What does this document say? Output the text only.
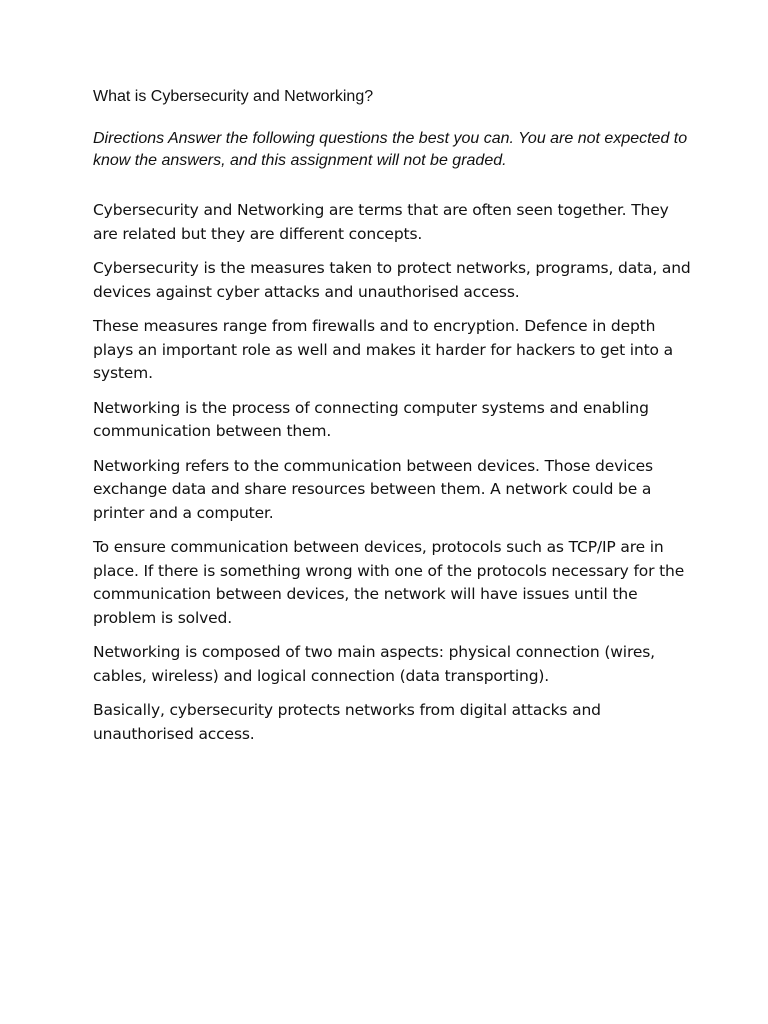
What is Cybersecurity and Networking?

Directions Answer the following questions the best you can. You are not expected to know the answers, and this assignment will not be graded.

Cybersecurity and Networking are terms that are often seen together. They are related but they are different concepts.

Cybersecurity is the measures taken to protect networks, programs, data, and devices against cyber attacks and unauthorised access.

These measures range from firewalls and to encryption. Defence in depth plays an important role as well and makes it harder for hackers to get into a system.

Networking is the process of connecting computer systems and enabling communication between them.

Networking refers to the communication between devices. Those devices exchange data and share resources between them. A network could be a printer and a computer.

To ensure communication between devices, protocols such as TCP/IP are in place. If there is something wrong with one of the protocols necessary for the communication between devices, the network will have issues until the problem is solved.

Networking is composed of two main aspects: physical connection (wires, cables, wireless) and logical connection (data transporting).

Basically, cybersecurity protects networks from digital attacks and unauthorised access.
